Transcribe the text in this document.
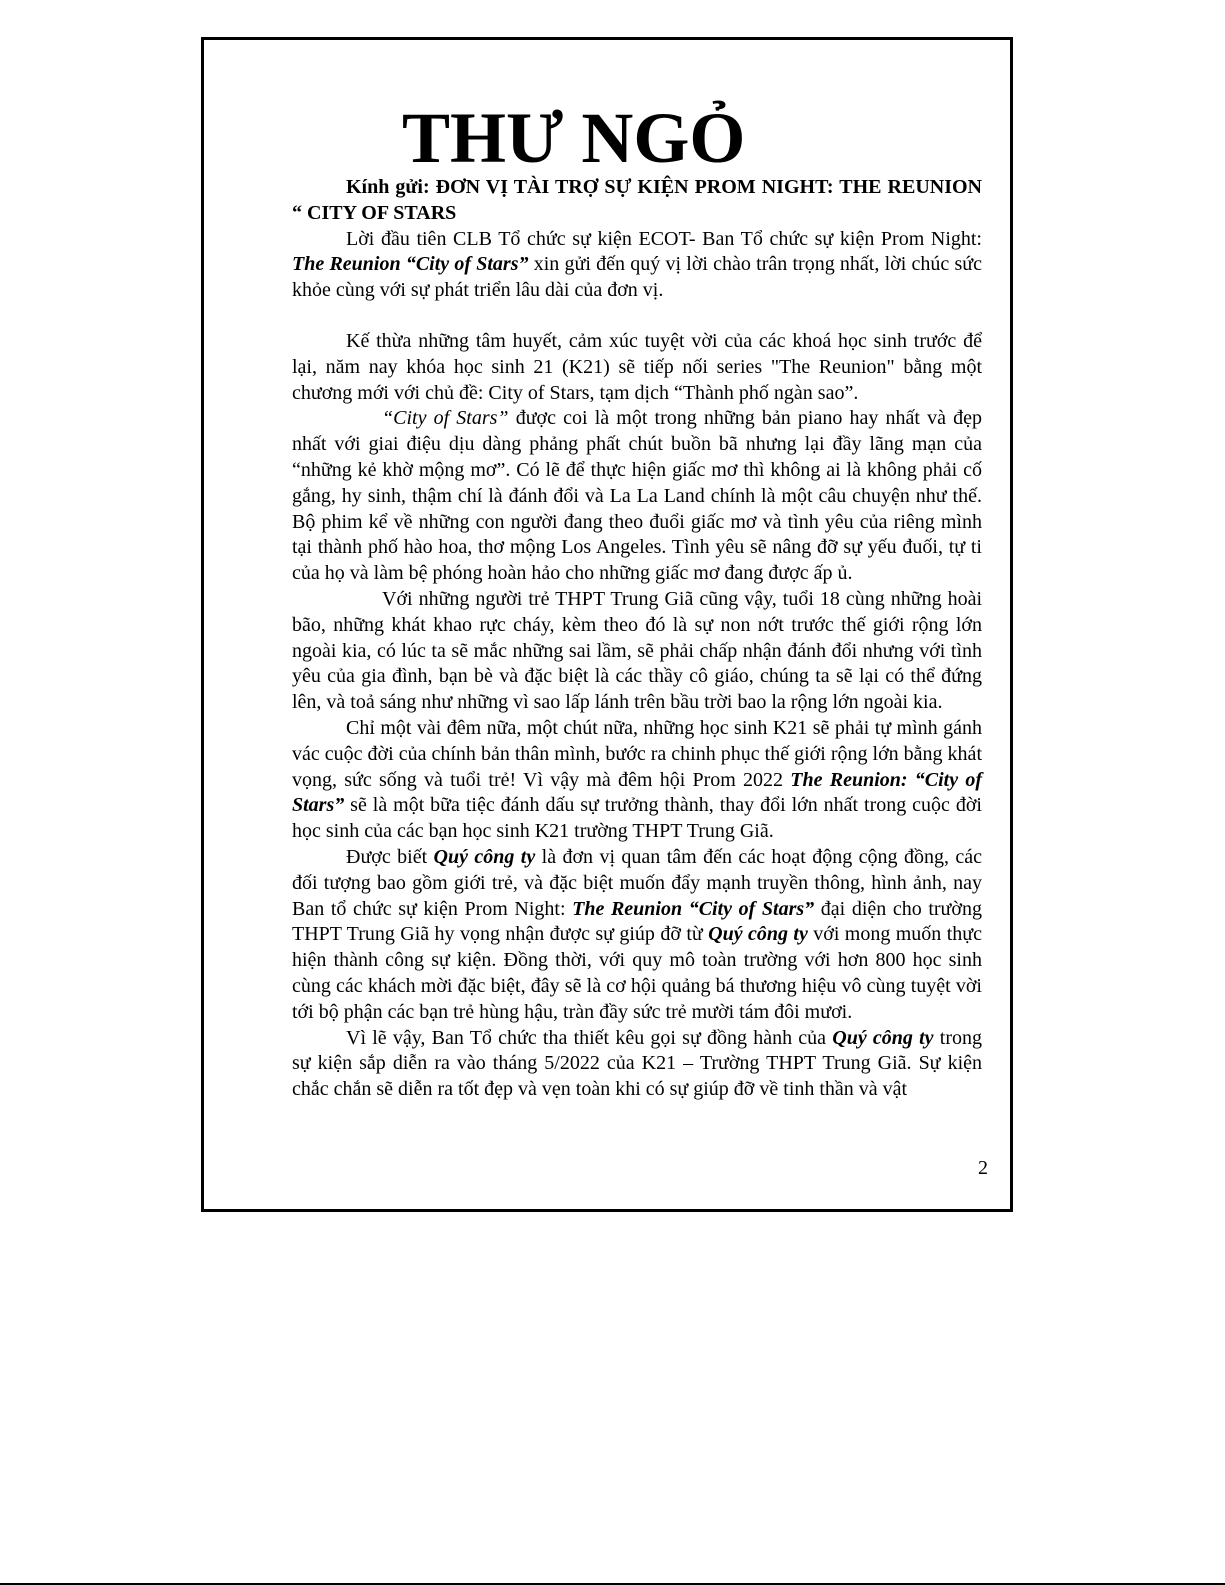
THƯ NGỎ

Kính gửi: ĐƠN VỊ TÀI TRỢ SỰ KIỆN PROM NIGHT: THE REUNION “ CITY OF STARS

Lời đầu tiên CLB Tổ chức sự kiện ECOT- Ban Tổ chức sự kiện Prom Night: The Reunion “City of Stars” xin gửi đến quý vị lời chào trân trọng nhất, lời chúc sức khỏe cùng với sự phát triển lâu dài của đơn vị.

Kế thừa những tâm huyết, cảm xúc tuyệt vời của các khoá học sinh trước để lại, năm nay khóa học sinh 21 (K21) sẽ tiếp nối series "The Reunion" bằng một chương mới với chủ đề: City of Stars, tạm dịch “Thành phố ngàn sao”.

“City of Stars” được coi là một trong những bản piano hay nhất và đẹp nhất với giai điệu dịu dàng phảng phất chút buồn bã nhưng lại đầy lãng mạn của “những kẻ khờ mộng mơ”. Có lẽ để thực hiện giấc mơ thì không ai là không phải cố gắng, hy sinh, thậm chí là đánh đổi và La La Land chính là một câu chuyện như thế. Bộ phim kể về những con người đang theo đuổi giấc mơ và tình yêu của riêng mình tại thành phố hào hoa, thơ mộng Los Angeles. Tình yêu sẽ nâng đỡ sự yếu đuối, tự ti của họ và làm bệ phóng hoàn hảo cho những giấc mơ đang được ấp ủ.

Với những người trẻ THPT Trung Giã cũng vậy, tuổi 18 cùng những hoài bão, những khát khao rực cháy, kèm theo đó là sự non nớt trước thế giới rộng lớn ngoài kia, có lúc ta sẽ mắc những sai lầm, sẽ phải chấp nhận đánh đổi nhưng với tình yêu của gia đình, bạn bè và đặc biệt là các thầy cô giáo, chúng ta sẽ lại có thể đứng lên, và toả sáng như những vì sao lấp lánh trên bầu trời bao la rộng lớn ngoài kia.

Chỉ một vài đêm nữa, một chút nữa, những học sinh K21 sẽ phải tự mình gánh vác cuộc đời của chính bản thân mình, bước ra chinh phục thế giới rộng lớn bằng khát vọng, sức sống và tuổi trẻ! Vì vậy mà đêm hội Prom 2022 The Reunion: “City of Stars” sẽ là một bữa tiệc đánh dấu sự trưởng thành, thay đổi lớn nhất trong cuộc đời học sinh của các bạn học sinh K21 trường THPT Trung Giã.

Được biết Quý công ty là đơn vị quan tâm đến các hoạt động cộng đồng, các đối tượng bao gồm giới trẻ, và đặc biệt muốn đẩy mạnh truyền thông, hình ảnh, nay Ban tổ chức sự kiện Prom Night: The Reunion “City of Stars” đại diện cho trường THPT Trung Giã hy vọng nhận được sự giúp đỡ từ Quý công ty với mong muốn thực hiện thành công sự kiện. Đồng thời, với quy mô toàn trường với hơn 800 học sinh cùng các khách mời đặc biệt, đây sẽ là cơ hội quảng bá thương hiệu vô cùng tuyệt vời tới bộ phận các bạn trẻ hùng hậu, tràn đầy sức trẻ mười tám đôi mươi.

Vì lẽ vậy, Ban Tổ chức tha thiết kêu gọi sự đồng hành của Quý công ty trong sự kiện sắp diễn ra vào tháng 5/2022 của K21 – Trường THPT Trung Giã. Sự kiện chắc chắn sẽ diễn ra tốt đẹp và vẹn toàn khi có sự giúp đỡ về tinh thần và vật

2
